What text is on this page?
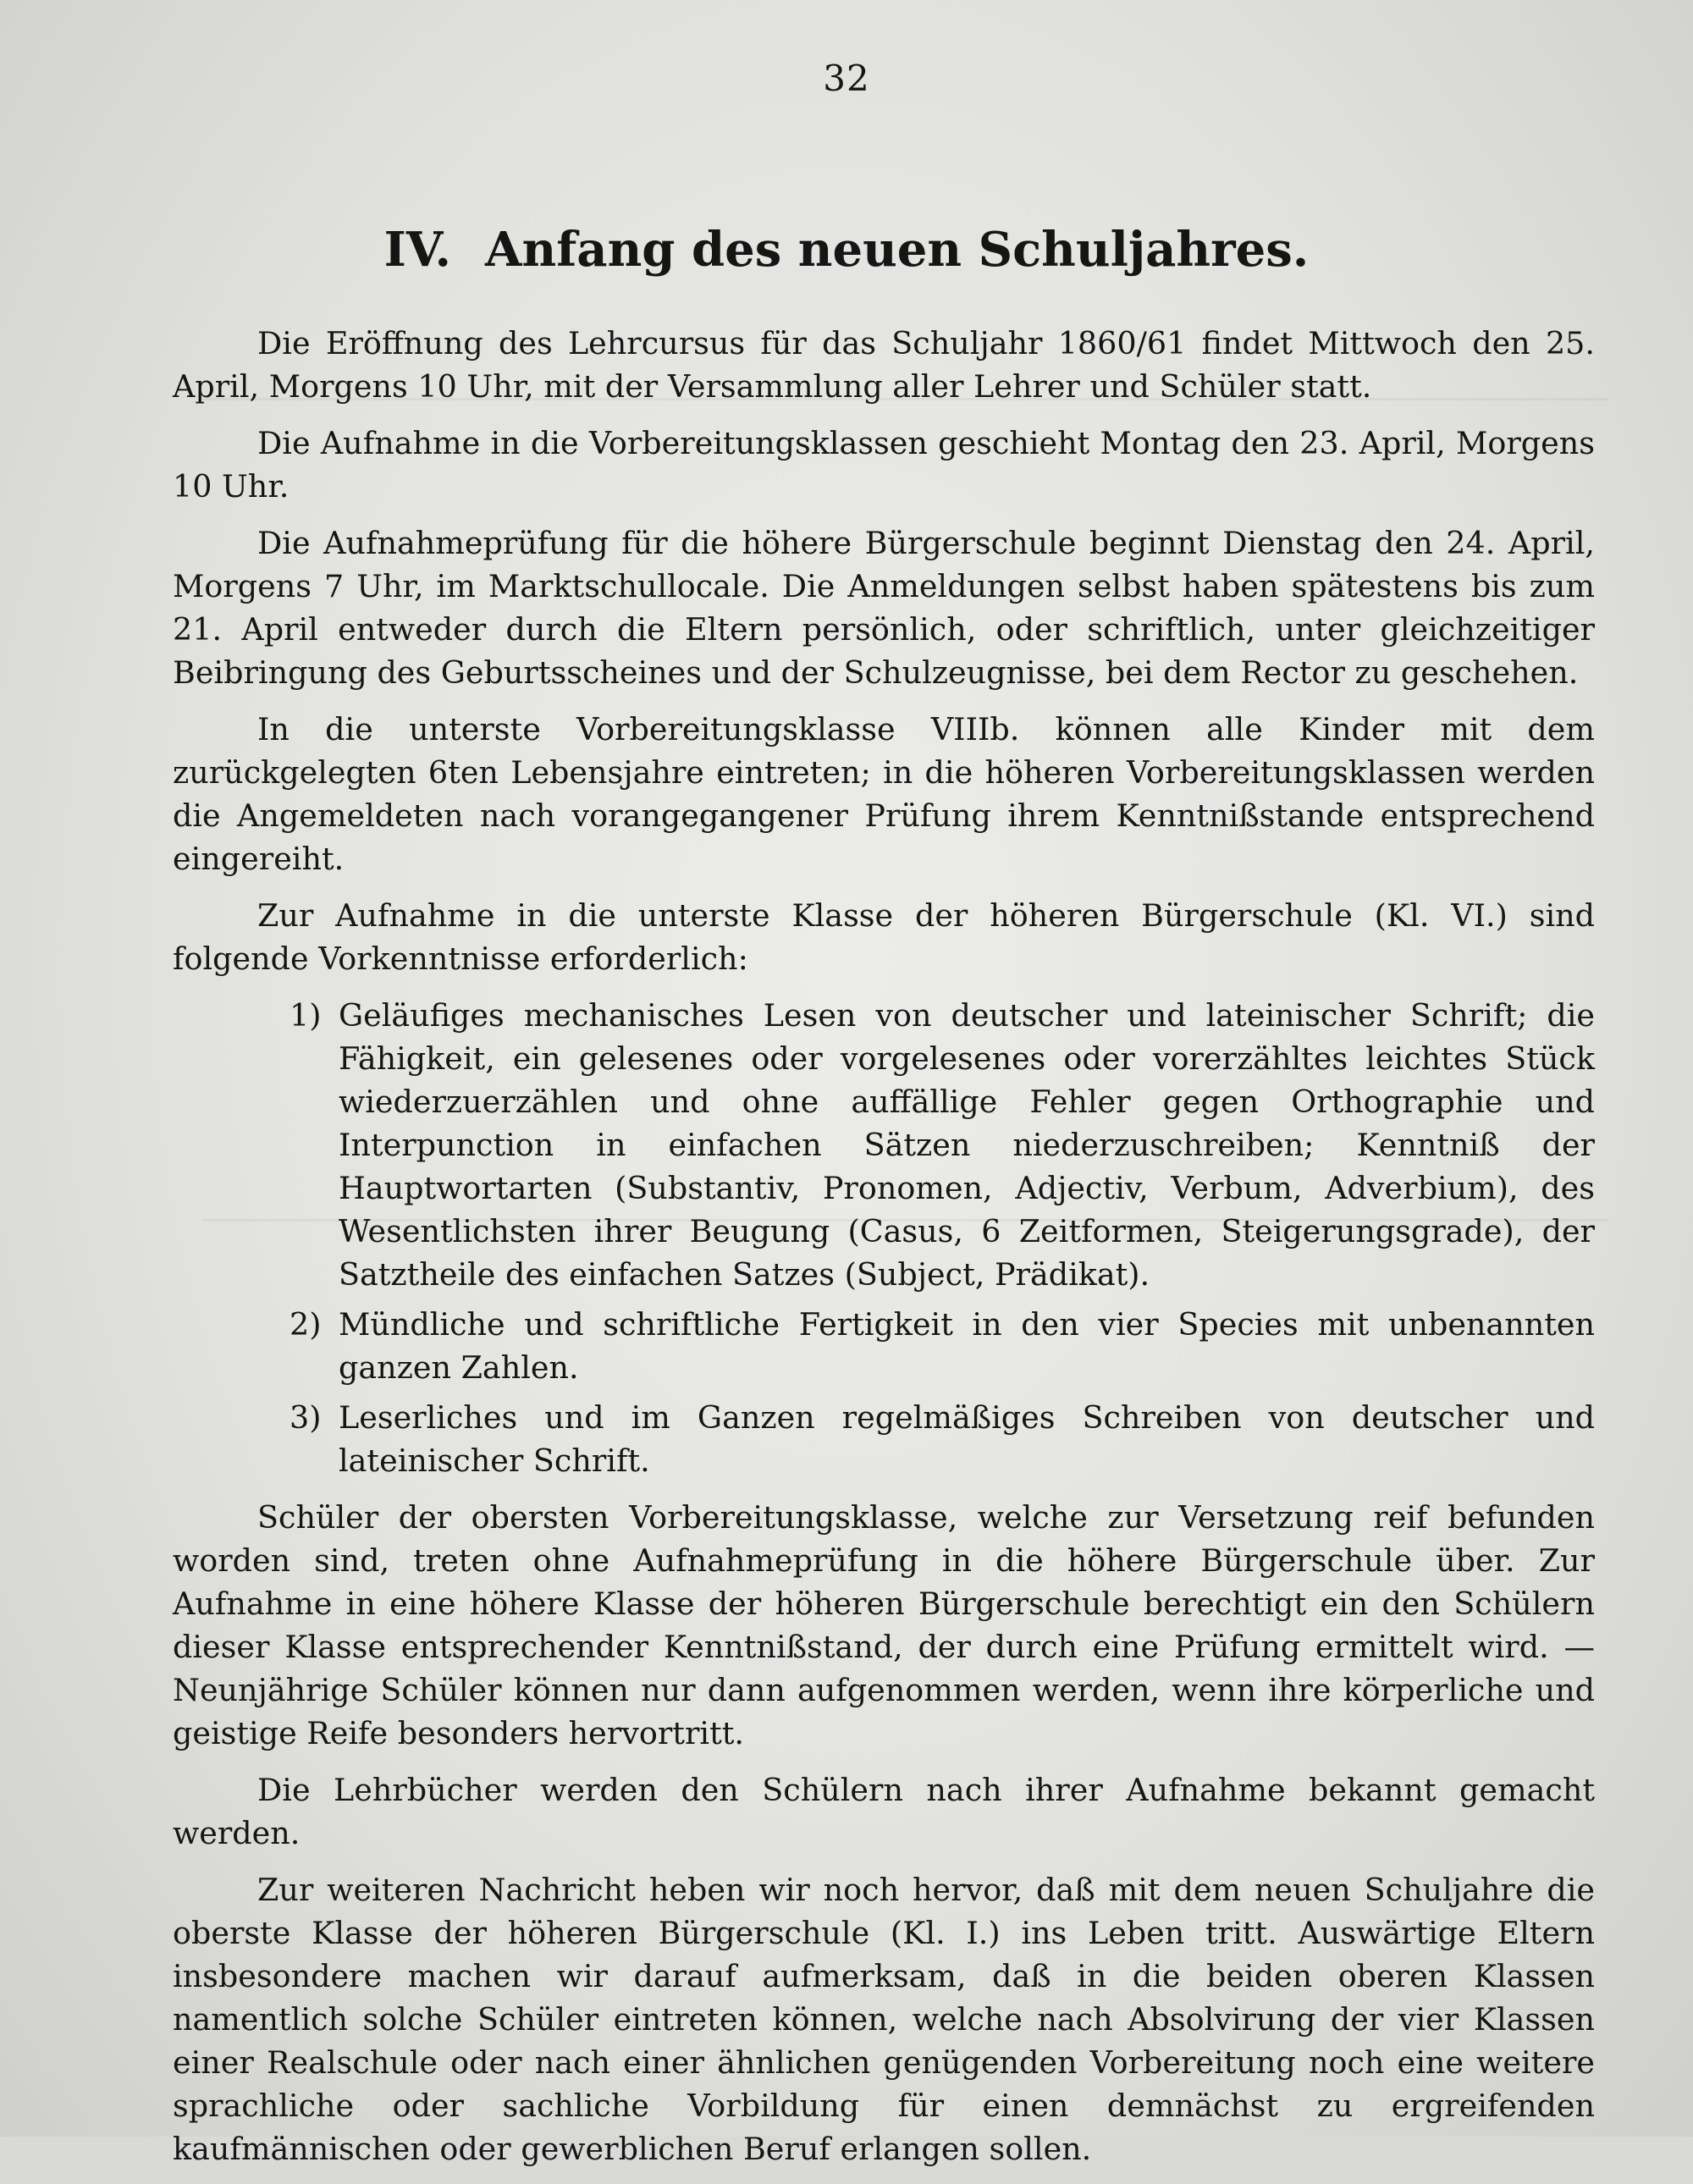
32
IV. Anfang des neuen Schuljahres.

Die Eröffnung des Lehrcursus für das Schuljahr 1860/61 findet Mittwoch den 25. April, Morgens 10 Uhr, mit der Versammlung aller Lehrer und Schüler statt.

Die Aufnahme in die Vorbereitungsklassen geschieht Montag den 23. April, Morgens 10 Uhr.

Die Aufnahmeprüfung für die höhere Bürgerschule beginnt Dienstag den 24. April, Morgens 7 Uhr, im Marktschullocale. Die Anmeldungen selbst haben spätestens bis zum 21. April entweder durch die Eltern persönlich, oder schriftlich, unter gleichzeitiger Beibringung des Geburtsscheines und der Schulzeugnisse, bei dem Rector zu geschehen.

In die unterste Vorbereitungsklasse VIIIb. können alle Kinder mit dem zurückgelegten 6ten Lebensjahre eintreten; in die höheren Vorbereitungsklassen werden die Angemeldeten nach vorangegangener Prüfung ihrem Kenntnißstande entsprechend eingereiht.

Zur Aufnahme in die unterste Klasse der höheren Bürgerschule (Kl. VI.) sind folgende Vorkenntnisse erforderlich:

1) Geläufiges mechanisches Lesen von deutscher und lateinischer Schrift; die Fähigkeit, ein gelesenes oder vorgelesenes oder vorerzähltes leichtes Stück wiederzuerzählen und ohne auffällige Fehler gegen Orthographie und Interpunction in einfachen Sätzen niederzuschreiben; Kenntniß der Hauptwortarten (Substantiv, Pronomen, Adjectiv, Verbum, Adverbium), des Wesentlichsten ihrer Beugung (Casus, 6 Zeitformen, Steigerungsgrade), der Satztheile des einfachen Satzes (Subject, Prädikat).
2) Mündliche und schriftliche Fertigkeit in den vier Species mit unbenannten ganzen Zahlen.
3) Leserliches und im Ganzen regelmäßiges Schreiben von deutscher und lateinischer Schrift.

Schüler der obersten Vorbereitungsklasse, welche zur Versetzung reif befunden worden sind, treten ohne Aufnahmeprüfung in die höhere Bürgerschule über. Zur Aufnahme in eine höhere Klasse der höheren Bürgerschule berechtigt ein den Schülern dieser Klasse entsprechender Kenntnißstand, der durch eine Prüfung ermittelt wird. — Neunjährige Schüler können nur dann aufgenommen werden, wenn ihre körperliche und geistige Reife besonders hervortritt.

Die Lehrbücher werden den Schülern nach ihrer Aufnahme bekannt gemacht werden.

Zur weiteren Nachricht heben wir noch hervor, daß mit dem neuen Schuljahre die oberste Klasse der höheren Bürgerschule (Kl. I.) ins Leben tritt. Auswärtige Eltern insbesondere machen wir darauf aufmerksam, daß in die beiden oberen Klassen namentlich solche Schüler eintreten können, welche nach Absolvirung der vier Klassen einer Realschule oder nach einer ähnlichen genügenden Vorbereitung noch eine weitere sprachliche oder sachliche Vorbildung für einen demnächst zu ergreifenden kaufmännischen oder gewerblichen Beruf erlangen sollen.
